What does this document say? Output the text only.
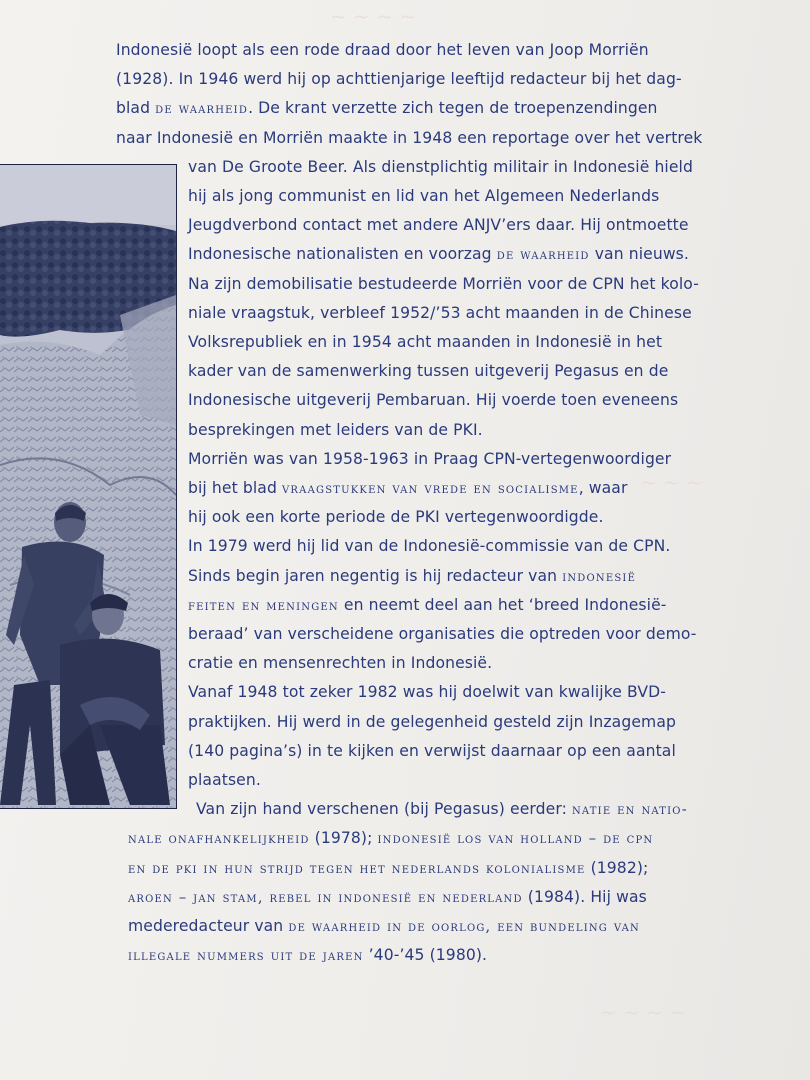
~ ~ ~ ~
~ ~ ~
~ ~ ~ ~
Indonesië loopt als een rode draad door het leven van Joop Morriën
(1928). In 1946 werd hij op achttienjarige leeftijd redacteur bij het dag-
blad de waarheid. De krant verzette zich tegen de troepenzendingen
naar Indonesië en Morriën maakte in 1948 een reportage over het vertrek
van De Groote Beer. Als dienstplichtig militair in Indonesië hield
hij als jong communist en lid van het Algemeen Nederlands
Jeugdverbond contact met andere ANJV’ers daar. Hij ontmoette
Indonesische nationalisten en voorzag de waarheid van nieuws.
Na zijn demobilisatie bestudeerde Morriën voor de CPN het kolo-
niale vraagstuk, verbleef 1952/’53 acht maanden in de Chinese
Volksrepubliek en in 1954 acht maanden in Indonesië in het
kader van de samenwerking tussen uitgeverij Pegasus en de
Indonesische uitgeverij Pembaruan. Hij voerde toen eveneens
besprekingen met leiders van de PKI.
Morriën was van 1958-1963 in Praag CPN-vertegenwoordiger
bij het blad vraagstukken van vrede en socialisme, waar
hij ook een korte periode de PKI vertegenwoordigde.
In 1979 werd hij lid van de Indonesië-commissie van de CPN.
Sinds begin jaren negentig is hij redacteur van indonesië
feiten en meningen en neemt deel aan het ‘breed Indonesië-
beraad’ van verscheidene organisaties die optreden voor demo-
cratie en mensenrechten in Indonesië.
Vanaf 1948 tot zeker 1982 was hij doelwit van kwalijke BVD-
praktijken. Hij werd in de gelegenheid gesteld zijn Inzagemap
(140 pagina’s) in te kijken en verwijst daarnaar op een aantal
plaatsen.
Van zijn hand verschenen (bij Pegasus) eerder: natie en natio-
nale onafhankelijkheid (1978); indonesië los van holland – de cpn
en de pki in hun strijd tegen het nederlands kolonialisme (1982);
aroen – jan stam, rebel in indonesië en nederland (1984). Hij was
mederedacteur van de waarheid in de oorlog, een bundeling van
illegale nummers uit de jaren ’40-’45 (1980).
